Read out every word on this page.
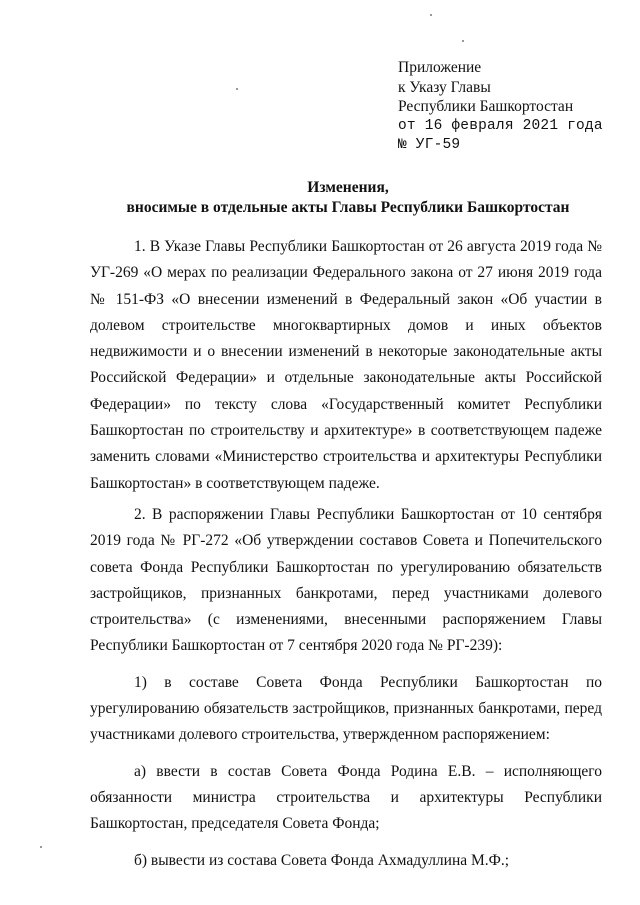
Приложение
к Указу Главы
Республики Башкортостан
от 16 февраля 2021 года
№ УГ-59
Изменения,
вносимые в отдельные акты Главы Республики Башкортостан

1. В Указе Главы Республики Башкортостан от 26 августа 2019 года № УГ-269 «О мерах по реализации Федерального закона от 27 июня 2019 года № 151-ФЗ «О внесении изменений в Федеральный закон «Об участии в долевом строительстве многоквартирных домов и иных объектов недвижимости и о внесении изменений в некоторые законодательные акты Российской Федерации» и отдельные законодательные акты Российской Федерации» по тексту слова «Государственный комитет Республики Башкортостан по строительству и архитектуре» в соответствующем падеже заменить словами «Министерство строительства и архитектуры Республики Башкортостан» в соответствующем падеже.

2. В распоряжении Главы Республики Башкортостан от 10 сентября 2019 года № РГ-272 «Об утверждении составов Совета и Попечительского совета Фонда Республики Башкортостан по урегулированию обязательств застройщиков, признанных банкротами, перед участниками долевого строительства» (с изменениями, внесенными распоряжением Главы Республики Башкортостан от 7 сентября 2020 года № РГ-239):

1) в составе Совета Фонда Республики Башкортостан по урегулированию обязательств застройщиков, признанных банкротами, перед участниками долевого строительства, утвержденном распоряжением:

а) ввести в состав Совета Фонда Родина Е.В. – исполняющего обязанности министра строительства и архитектуры Республики Башкортостан, председателя Совета Фонда;

б) вывести из состава Совета Фонда Ахмадуллина М.Ф.;
